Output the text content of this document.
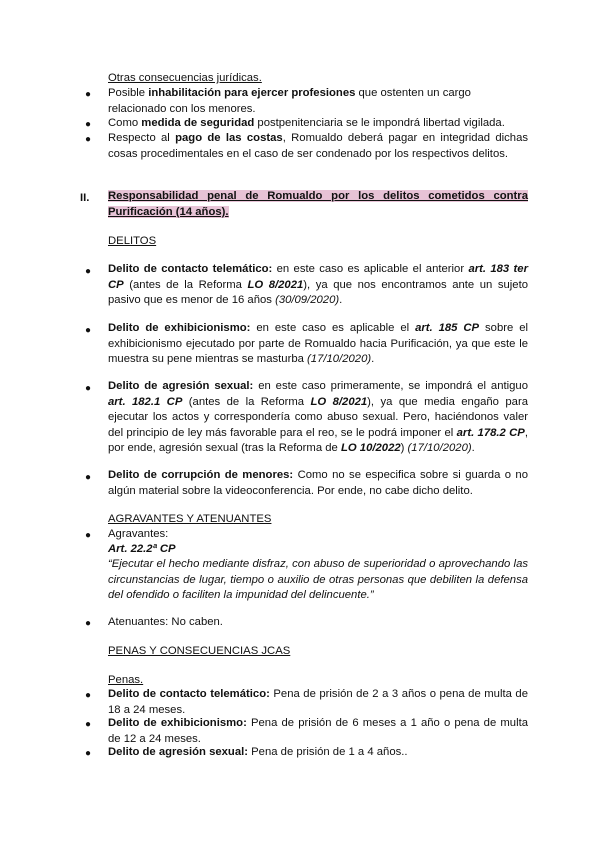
Otras consecuencias jurídicas.
● Posible inhabilitación para ejercer profesiones que ostenten un cargo relacionado con los menores.
● Como medida de seguridad postpenitenciaria se le impondrá libertad vigilada.
● Respecto al pago de las costas, Romualdo deberá pagar en integridad dichas cosas procedimentales en el caso de ser condenado por los respectivos delitos.
II. Responsabilidad penal de Romualdo por los delitos cometidos contra Purificación (14 años).
DELITOS
● Delito de contacto telemático: en este caso es aplicable el anterior art. 183 ter CP (antes de la Reforma LO 8/2021), ya que nos encontramos ante un sujeto pasivo que es menor de 16 años (30/09/2020).
● Delito de exhibicionismo: en este caso es aplicable el art. 185 CP sobre el exhibicionismo ejecutado por parte de Romualdo hacia Purificación, ya que este le muestra su pene mientras se masturba (17/10/2020).
● Delito de agresión sexual: en este caso primeramente, se impondrá el antiguo art. 182.1 CP (antes de la Reforma LO 8/2021), ya que media engaño para ejecutar los actos y correspondería como abuso sexual. Pero, haciéndonos valer del principio de ley más favorable para el reo, se le podrá imponer el art. 178.2 CP, por ende, agresión sexual (tras la Reforma de LO 10/2022) (17/10/2020).
● Delito de corrupción de menores: Como no se especifica sobre si guarda o no algún material sobre la videoconferencia. Por ende, no cabe dicho delito.
AGRAVANTES Y ATENUANTES
● Agravantes:
Art. 22.2ª CP
“Ejecutar el hecho mediante disfraz, con abuso de superioridad o aprovechando las circunstancias de lugar, tiempo o auxilio de otras personas que debiliten la defensa del ofendido o faciliten la impunidad del delincuente.”
● Atenuantes: No caben.
PENAS Y CONSECUENCIAS JCAS
Penas.
● Delito de contacto telemático: Pena de prisión de 2 a 3 años o pena de multa de 18 a 24 meses.
● Delito de exhibicionismo: Pena de prisión de 6 meses a 1 año o pena de multa de 12 a 24 meses.
● Delito de agresión sexual: Pena de prisión de 1 a 4 años..
